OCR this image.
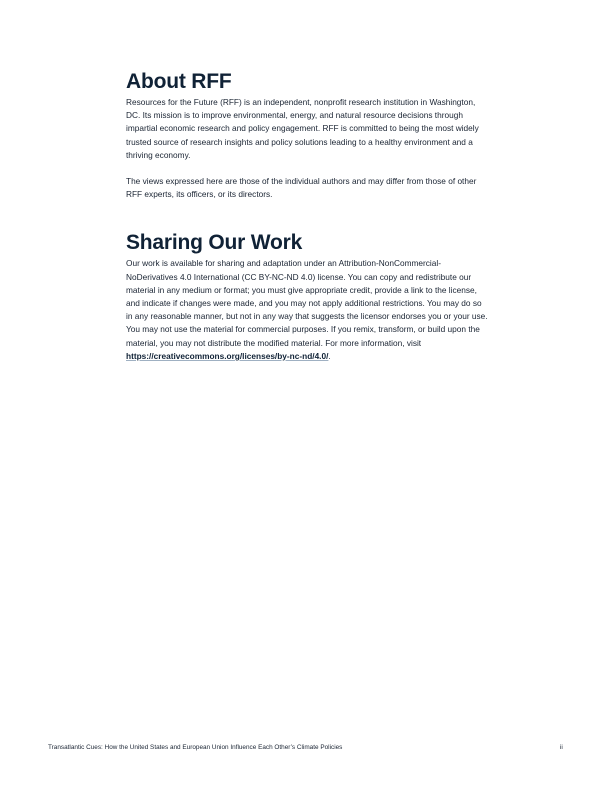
About RFF

Resources for the Future (RFF) is an independent, nonprofit research institution in Washington, DC. Its mission is to improve environmental, energy, and natural resource decisions through impartial economic research and policy engagement. RFF is committed to being the most widely trusted source of research insights and policy solutions leading to a healthy environment and a thriving economy.

The views expressed here are those of the individual authors and may differ from those of other RFF experts, its officers, or its directors.

Sharing Our Work

Our work is available for sharing and adaptation under an Attribution-NonCommercial-NoDerivatives 4.0 International (CC BY-NC-ND 4.0) license. You can copy and redistribute our material in any medium or format; you must give appropriate credit, provide a link to the license, and indicate if changes were made, and you may not apply additional restrictions. You may do so in any reasonable manner, but not in any way that suggests the licensor endorses you or your use. You may not use the material for commercial purposes. If you remix, transform, or build upon the material, you may not distribute the modified material. For more information, visit https://creativecommons.org/licenses/by-nc-nd/4.0/.

Transatlantic Cues: How the United States and European Union Influence Each Other’s Climate Policies	ii
